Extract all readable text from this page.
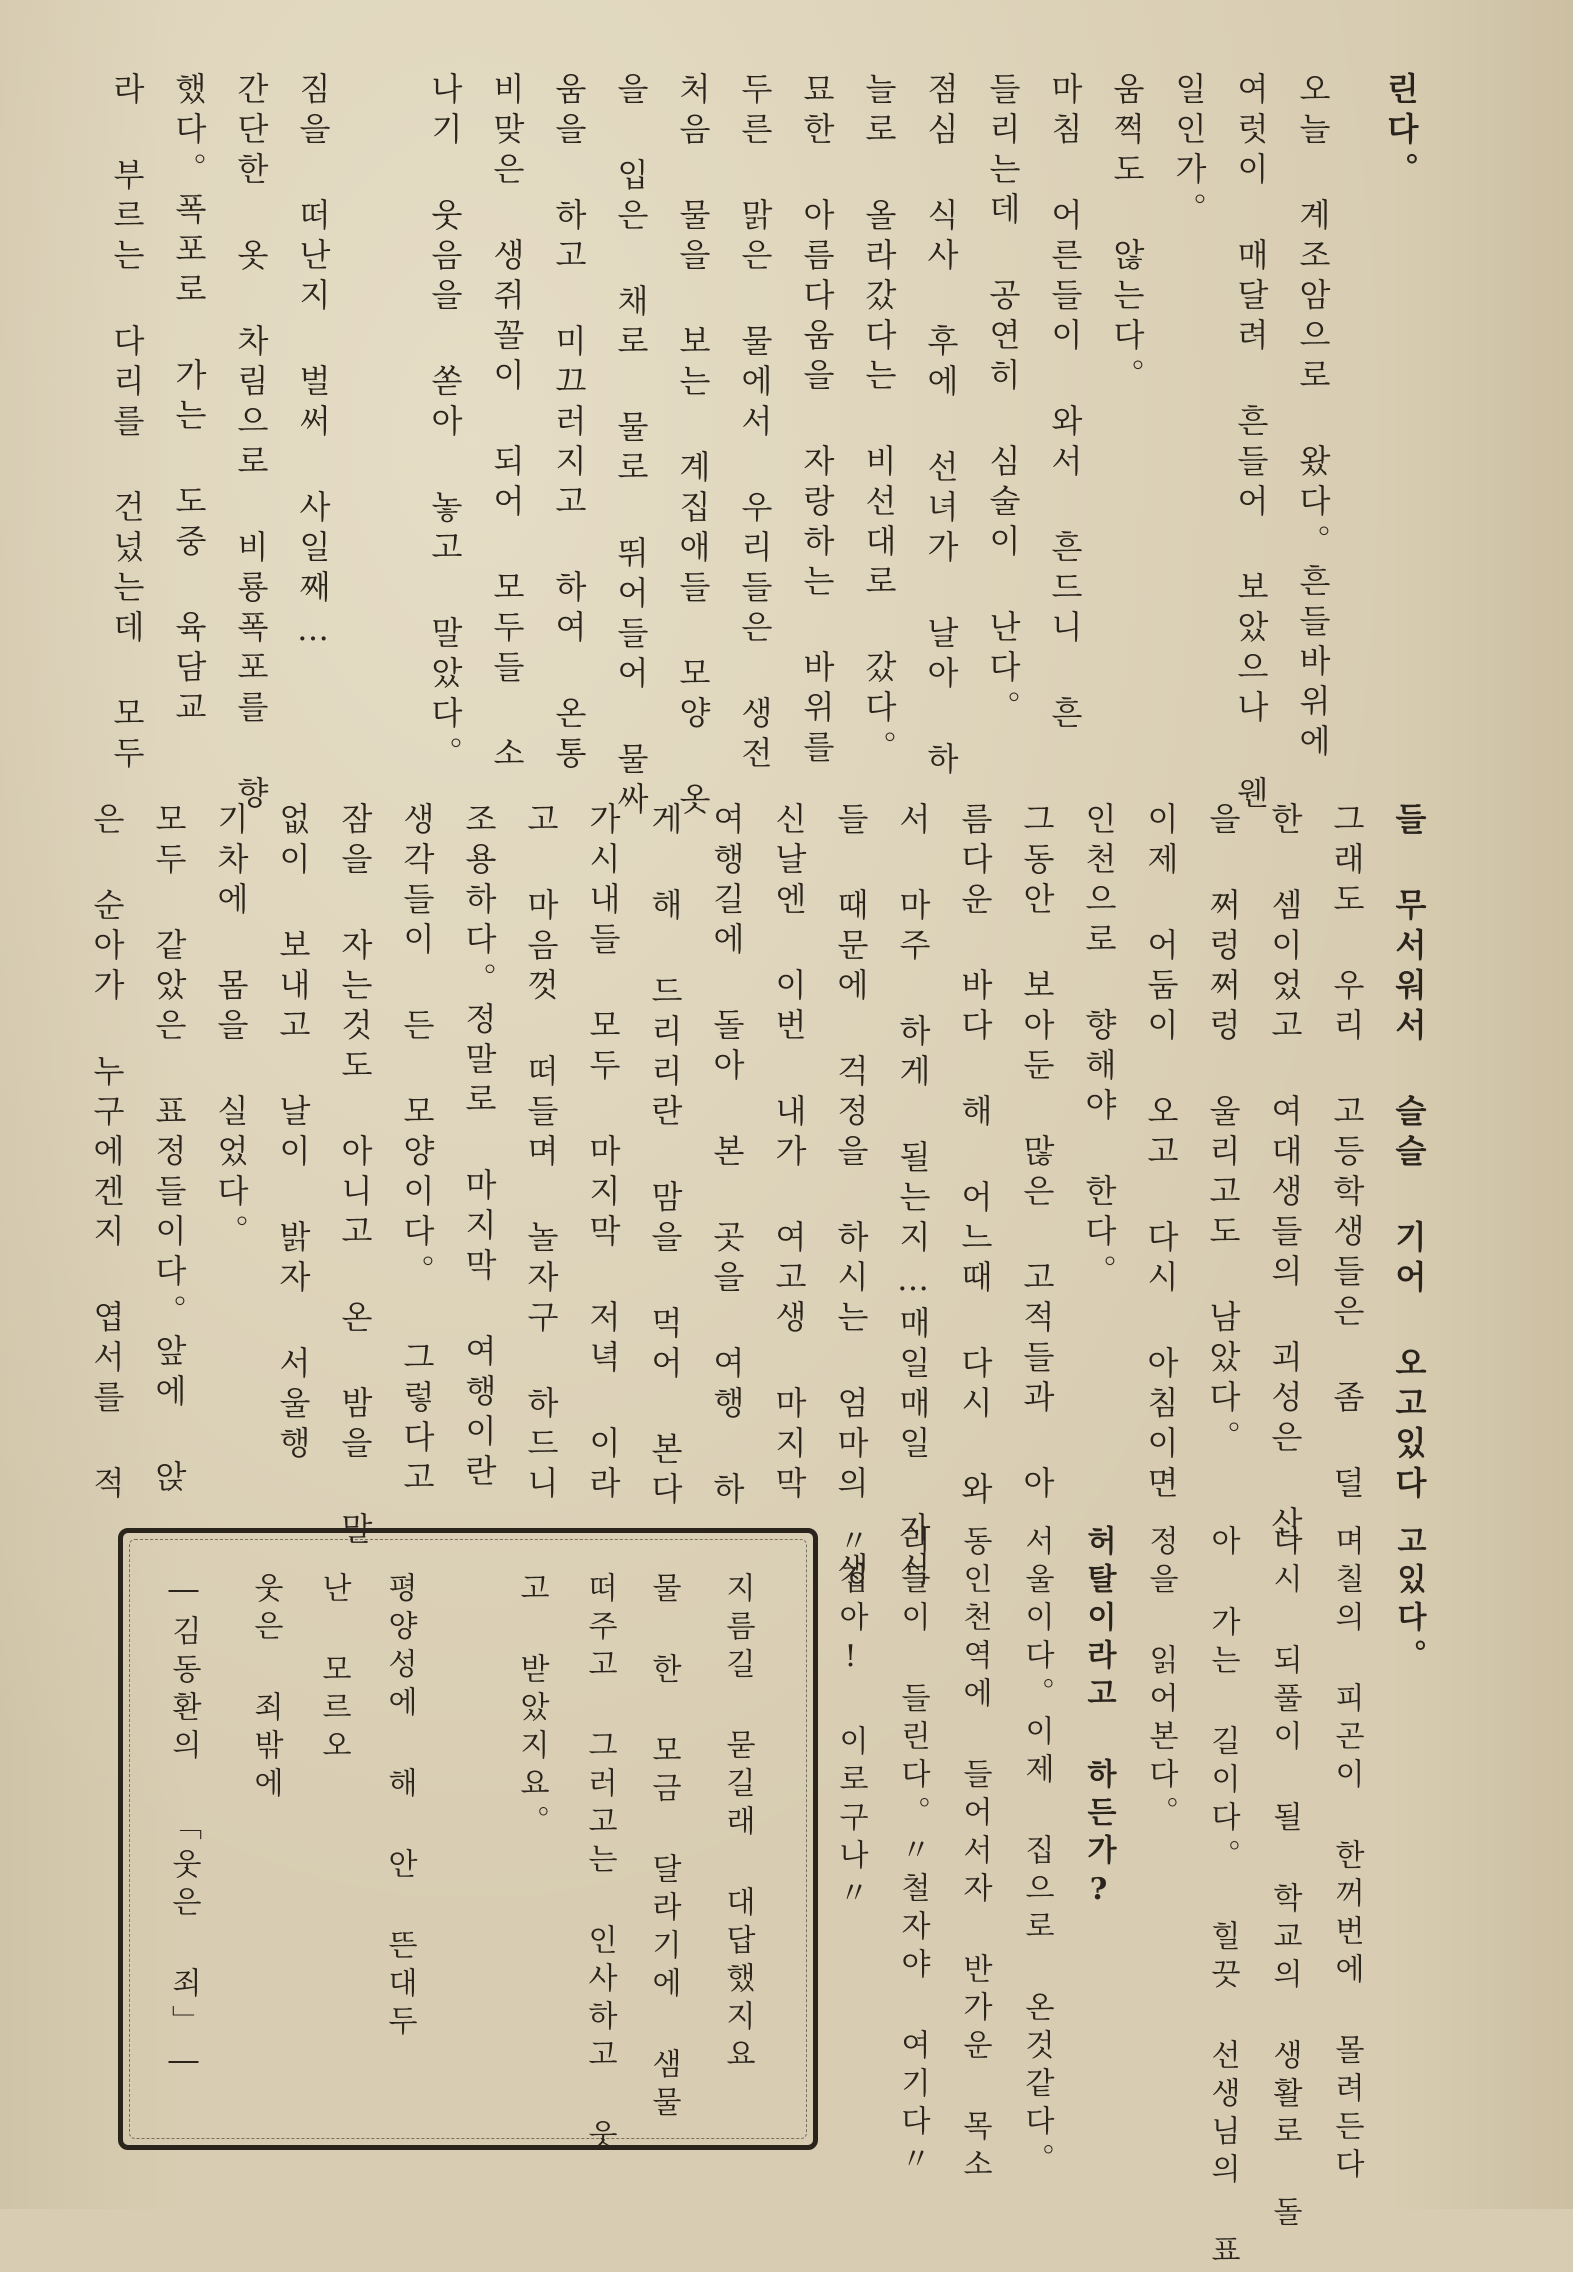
린다。
오늘 계조암으로 왔다。흔들바위에
여럿이 매달려 흔들어 보았으나 웬
일인가。
움쩍도 않는다。
마침 어른들이 와서 흔드니 흔
들리는데 공연히 심술이 난다。
점심 식사 후에 선녀가 날아 하
늘로 올라갔다는 비선대로 갔다。
묘한 아름다움을 자랑하는 바위를
두른 맑은 물에서 우리들은 생전
처음 물을 보는 계집애들 모양 옷
을 입은 채로 물로 뛰어들어 물싸
움을 하고 미끄러지고 하여 온통
비맞은 생쥐꼴이 되어 모두들 소
나기 웃음을 쏟아 놓고 말았다。
짐을 떠난지 벌써 사일째…
간단한 옷 차림으로 비룡폭포를 향
했다。폭포로 가는 도중 육담교
라 부르는 다리를 건넜는데 모두
들 무서워서 슬슬 기어 오고있다
그래도 우리 고등학생들은 좀 덜
한 셈이었고 여대생들의 괴성은 산
을 쩌렁쩌렁 울리고도 남았다。
이제 어둠이 오고 다시 아침이면
인천으로 향해야 한다。
그동안 보아둔 많은 고적들과 아
름다운 바다 해 어느때 다시 와
서 마주 하게 될는지…매일매일 자식
들 때문에 걱정을 하시는 엄마의 생
신날엔 이번 내가 여고생 마지막
여행길에 돌아 본 곳을 여행 하
게 해 드리리란 맘을 먹어 본다
가시내들 모두 마지막 저녁 이라
고 마음껏 떠들며 놀자구 하드니
조용하다。정말로 마지막 여행이란
생각들이 든 모양이다。 그렇다고
잠을 자는것도 아니고 온 밤을 말
없이 보내고 날이 밝자 서울행
기차에 몸을 실었다。
모두 같았은 표정들이다。앞에 앉
은 순아가 누구에겐지 엽서를 적
고있다。
며칠의 피곤이 한꺼번에 몰려든다
다시 되풀이 될 학교의 생활로 돌
아 가는 길이다。 힐끗 선생님의 표
정을 읽어본다。
허탈이라고 하든가?
서울이다。이제 집으로 온것같다。
동인천역에 들어서자 반가운 목소
리들이 들린다。〃철자야 여기다〃
〃집아! 이로구나〃
지름길 묻길래 대답했지요
물 한 모금 달라기에 샘물
떠주고 그러고는 인사하고 웃
고 받았지요。
평양성에 해 안 뜬대두
난 모르오
웃은 죄밖에
―김동환의 「웃은 죄」―
